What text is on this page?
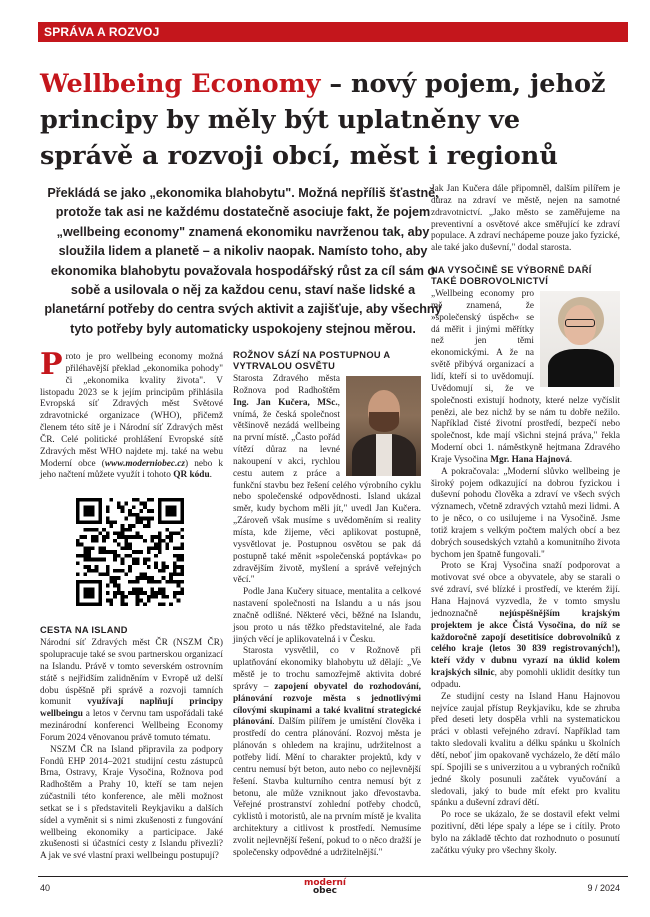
SPRÁVA A ROZVOJ
Wellbeing Economy – nový pojem, jehož principy by měly být uplatněny ve správě a rozvoji obcí, měst i regionů
Překládá se jako „ekonomika blahobytu". Možná nepříliš šťastně, protože tak asi ne každému dostatečně asociuje fakt, že pojem „wellbeing economy" znamená ekonomiku navrženou tak, aby sloužila lidem a planetě – a nikoliv naopak. Namísto toho, aby ekonomika blahobytu považovala hospodářský růst za cíl sám o sobě a usilovala o něj za každou cenu, staví naše lidské a planetární potřeby do centra svých aktivit a zajišťuje, aby všechny tyto potřeby byly automaticky uspokojeny stejnou měrou.

Proto je pro wellbeing economy možná přiléhavější překlad „ekonomika pohody" či „ekonomika kvality života". V listopadu 2023 se k jejím principům přihlásila Evropská síť Zdravých měst Světové zdravotnické organizace (WHO), přičemž členem této sítě je i Národní síť Zdravých měst ČR. Celé politické prohlášení Evropské sítě Zdravých měst WHO najdete mj. také na webu Moderní obce (www.moderniobec.cz) nebo k jeho načtení můžete využít i tohoto QR kódu.

CESTA NA ISLAND

Národní síť Zdravých měst ČR (NSZM ČR) spolupracuje také se svou partnerskou organizací na Islandu. Právě v tomto severském ostrovním státě s nejřidším zalidněním v Evropě už delší dobu úspěšně při správě a rozvoji tamních komunit využívají naplňují principy wellbeingu a letos v červnu tam uspořádali také mezinárodní konferenci Wellbeing Economy Forum 2024 věnovanou právě tomuto tématu.

NSZM ČR na Island připravila za podpory Fondů EHP 2014–2021 studijní cestu zástupců Brna, Ostravy, Kraje Vysočina, Rožnova pod Radhoštěm a Prahy 10, kteří se tam nejen zúčastnili této konference, ale měli možnost setkat se i s představiteli Reykjaviku a dalších sídel a vyměnit si s nimi zkušenosti z fungování wellbeing ekonomiky a participace. Jaké zkušenosti si účastníci cesty z Islandu přivezli? A jak ve své vlastní praxi wellbeingu postupují?

ROŽNOV SÁZÍ NA POSTUPNOU A VYTRVALOU OSVĚTU

Starosta Zdravého města Rožnova pod Radhoštěm Ing. Jan Kučera, MSc., vnímá, že česká společnost většinově nezádá wellbeing na první místě. „Často pořád vítězí důraz na levné nakoupení v akci, rychlou cestu autem z práce a funkční stavbu bez řešení celého výrobního cyklu nebo společenské odpovědnosti. Island ukázal směr, kudy bychom měli jít," uvedl Jan Kučera. „Zároveň však musíme s uvědoměním si reality místa, kde žijeme, věci aplikovat postupně, vysvětlovat je. Postupnou osvětou se pak dá postupně také měnit »společenská poptávka« po zdravějším životě, myšlení a správě veřejných věcí."

Podle Jana Kučery situace, mentalita a celkové nastavení společnosti na Islandu a u nás jsou značně odlišné. Některé věci, běžné na Islandu, jsou proto u nás těžko představitelné, ale řada jiných věcí je aplikovatelná i v Česku.

Starosta vysvětlil, co v Rožnově při uplatňování ekonomiky blahobytu už dělají: „Ve městě je to trochu samozřejmě aktivita dobré správy – zapojení obyvatel do rozhodování, plánování rozvoje města s jednotlivými cílovými skupinami a také kvalitní strategické plánování. Dalším pilířem je umístění člověka i prostředí do centra plánování. Rozvoj města je plánován s ohledem na krajinu, udržitelnost a potřeby lidí. Mění to charakter projektů, kdy v centru nemusí být beton, auto nebo co nejlevnější řešení. Stavba kulturního centra nemusí být z betonu, ale může vzniknout jako dřevostavba. Veřejné prostranství zohlední potřeby chodců, cyklistů i motoristů, ale na prvním místě je kvalita architektury a citlivost k prostředí. Nemusíme zvolit nejlevnější řešení, pokud to o něco dražší je společensky odpovědné a udržitelnější."

Jak Jan Kučera dále připomněl, dalším pilířem je důraz na zdraví ve městě, nejen na samotné zdravotnictví. „Jako město se zaměřujeme na preventivní a osvětové akce směřující ke zdraví populace. A zdraví nechápeme pouze jako fyzické, ale také jako duševní," dodal starosta.

NA VYSOČINĚ SE VÝBORNĚ DAŘÍ TAKÉ DOBROVOLNICTVÍ

„Wellbeing economy pro mě znamená, že »společenský úspěch« se dá měřit i jinými měřítky než jen těmi ekonomickými. A že na světě přibývá organizací a lidí, kteří si to uvědomují. Uvědomují si, že ve společnosti existují hodnoty, které nelze vyčíslit penězi, ale bez nichž by se nám tu dobře nežilo. Například čisté životní prostředí, bezpečí nebo společnost, kde mají všichni stejná práva," řekla Moderní obci 1. náměstkyně hejtmana Zdravého Kraje Vysočina Mgr. Hana Hajnová.

A pokračovala: „Moderní slůvko wellbeing je široký pojem odkazující na dobrou fyzickou i duševní pohodu člověka a zdraví ve všech svých významech, včetně zdravých vztahů mezi lidmi. A to je něco, o co usilujeme i na Vysočině. Jsme totiž krajem s velkým počtem malých obcí a bez dobrých sousedských vztahů a komunitního života bychom jen špatně fungovali."

Proto se Kraj Vysočina snaží podporovat a motivovat své obce a obyvatele, aby se starali o své zdraví, své blízké i prostředí, ve kterém žijí. Hana Hajnová vyzvedla, že v tomto smyslu jednoznačně nejúspěšnějším krajským projektem je akce Čistá Vysočina, do níž se každoročně zapojí desetitisíce dobrovolníků z celého kraje (letos 30 839 registrovaných!), kteří vždy v dubnu vyrazí na úklid kolem krajských silnic, aby pomohli uklidit desítky tun odpadu.

Ze studijní cesty na Island Hanu Hajnovou nejvíce zaujal přístup Reykjaviku, kde se zhruba před deseti lety dospěla vrhli na systematickou práci v oblasti veřejného zdraví. Například tam takto sledovali kvalitu a délku spánku u školních dětí, neboť jim opakovaně vycházelo, že dětí málo spí. Spojili se s univerzitou a u vybraných ročníků jedné školy posunuli začátek vyučování a sledovali, jaký to bude mít efekt pro kvalitu spánku a duševní zdraví dětí.

Po roce se ukázalo, že se dostavil efekt velmi pozitivní, děti lépe spaly a lépe se i cítily. Proto bylo na základě těchto dat rozhodnuto o posunutí začátku výuky pro všechny školy.

40	moderní
obec	9 / 2024
